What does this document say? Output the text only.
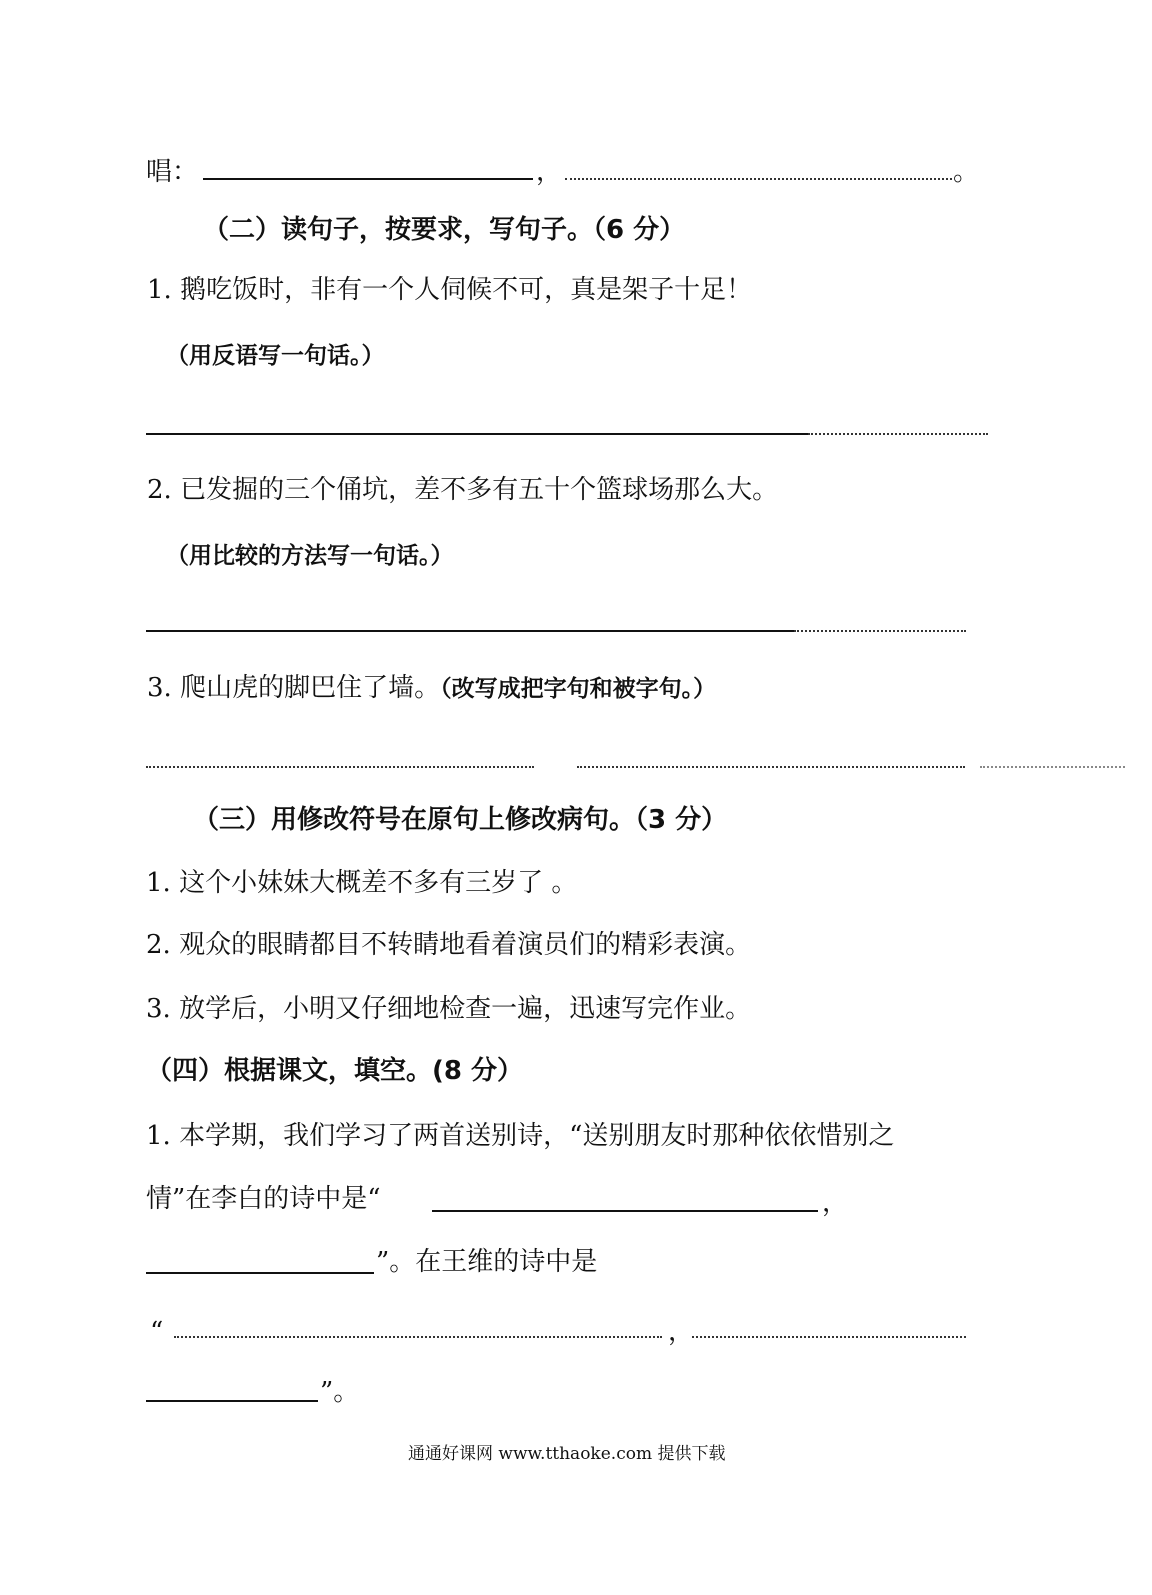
唱：	，	。
（二）读句子，按要求，写句子。（6 分）
1. 鹅吃饭时，非有一个人伺候不可，真是架子十足！
（用反语写一句话。）
2. 已发掘的三个俑坑，差不多有五十个篮球场那么大。
（用比较的方法写一句话。）
3. 爬山虎的脚巴住了墙。（改写成把字句和被字句。）
（三）用修改符号在原句上修改病句。（3 分）
1. 这个小妹妹大概差不多有三岁了 。
2. 观众的眼睛都目不转睛地看着演员们的精彩表演。
3. 放学后，小明又仔细地检查一遍，迅速写完作业。
（四）根据课文，填空。(8 分）
1. 本学期，我们学习了两首送别诗，“送别朋友时那种依依惜别之
情”在李白的诗中是“	，
”。在王维的诗中是
“	，
”。
通通好课网 www.tthaoke.com 提供下载
